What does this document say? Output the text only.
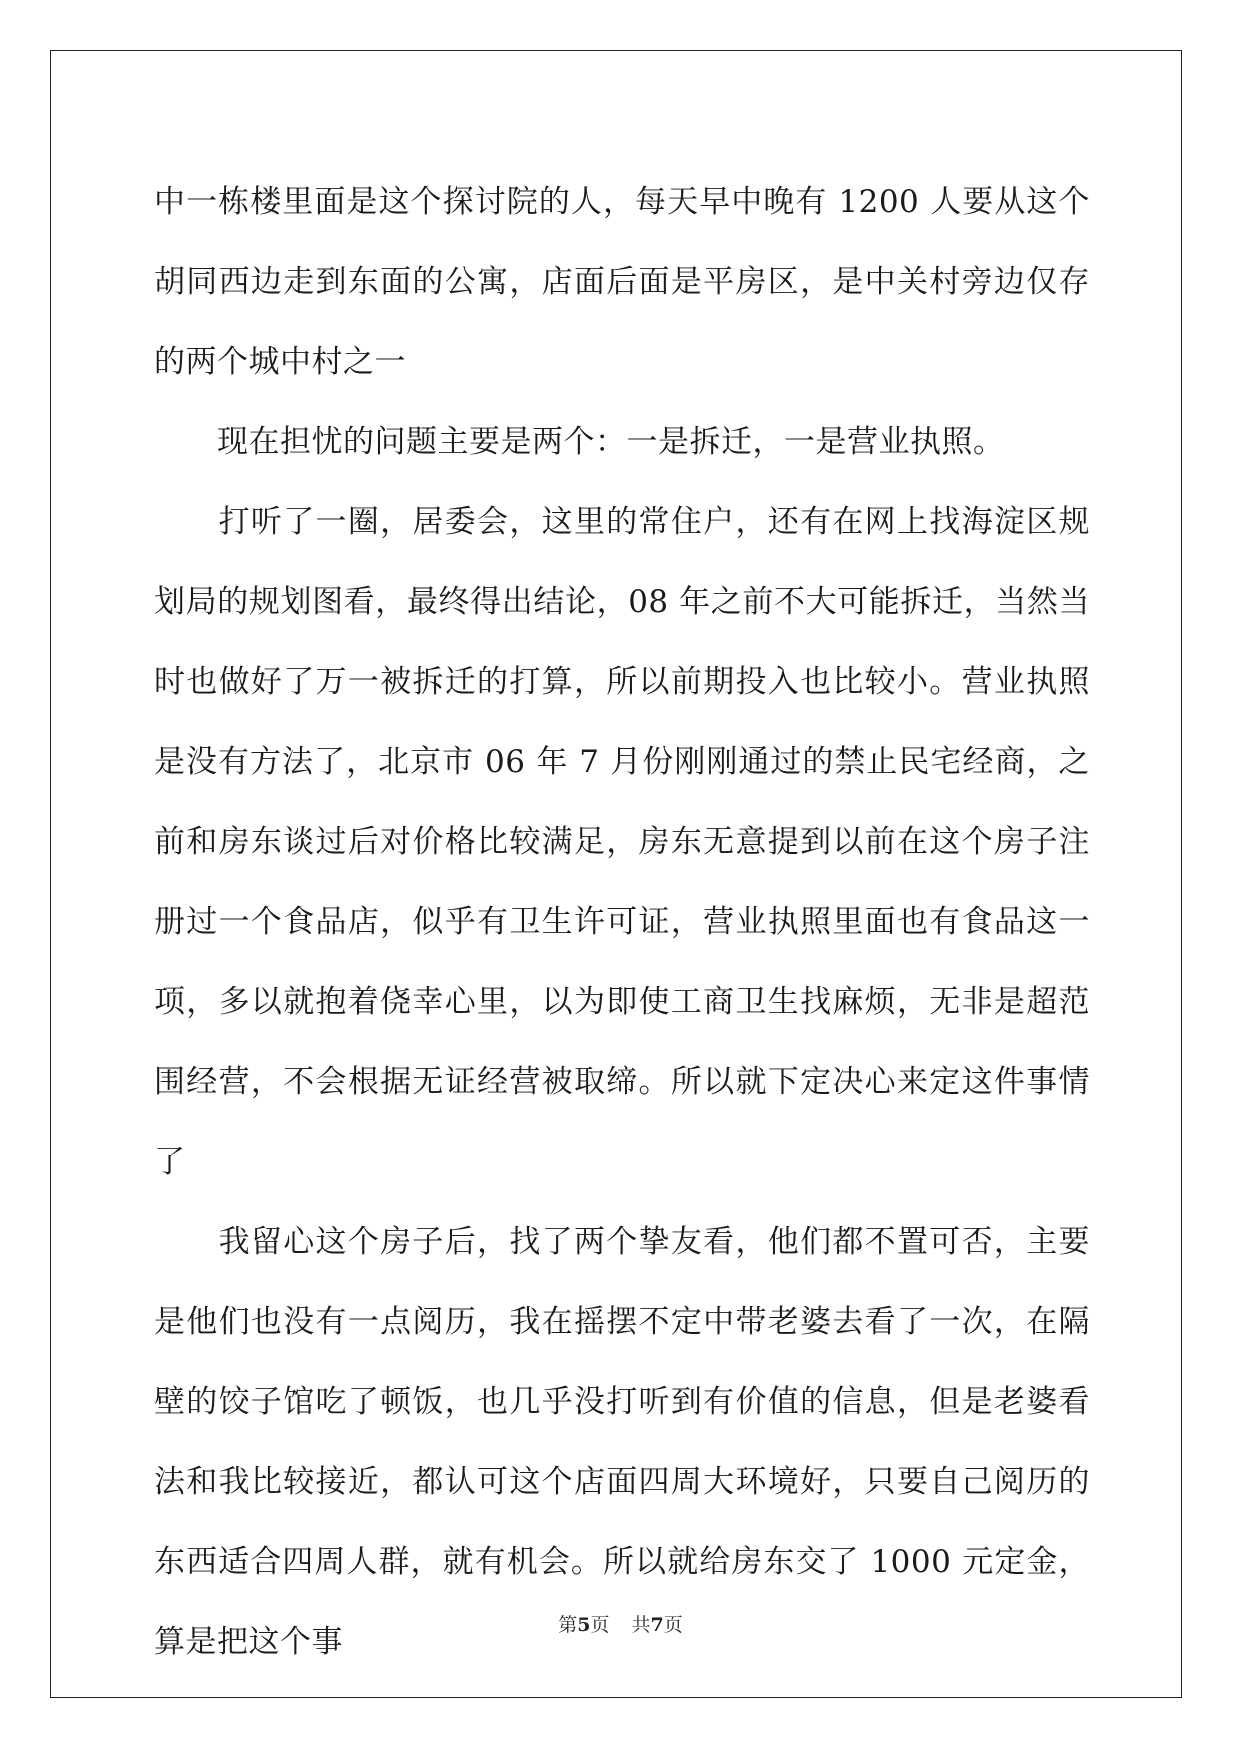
中一栋楼里面是这个探讨院的人，每天早中晚有 1200 人要从这个胡同西边走到东面的公寓，店面后面是平房区，是中关村旁边仅存的两个城中村之一

　　现在担忧的问题主要是两个：一是拆迁，一是营业执照。

　　打听了一圈，居委会，这里的常住户，还有在网上找海淀区规划局的规划图看，最终得出结论，08 年之前不大可能拆迁，当然当时也做好了万一被拆迁的打算，所以前期投入也比较小。营业执照是没有方法了，北京市 06 年 7 月份刚刚通过的禁止民宅经商，之前和房东谈过后对价格比较满足，房东无意提到以前在这个房子注册过一个食品店，似乎有卫生许可证，营业执照里面也有食品这一项，多以就抱着侥幸心里，以为即使工商卫生找麻烦，无非是超范围经营，不会根据无证经营被取缔。所以就下定决心来定这件事情了

　　我留心这个房子后，找了两个挚友看，他们都不置可否，主要是他们也没有一点阅历，我在摇摆不定中带老婆去看了一次，在隔壁的饺子馆吃了顿饭，也几乎没打听到有价值的信息，但是老婆看法和我比较接近，都认可这个店面四周大环境好，只要自己阅历的东西适合四周人群，就有机会。所以就给房东交了 1000 元定金，算是把这个事	第5页 共7页
